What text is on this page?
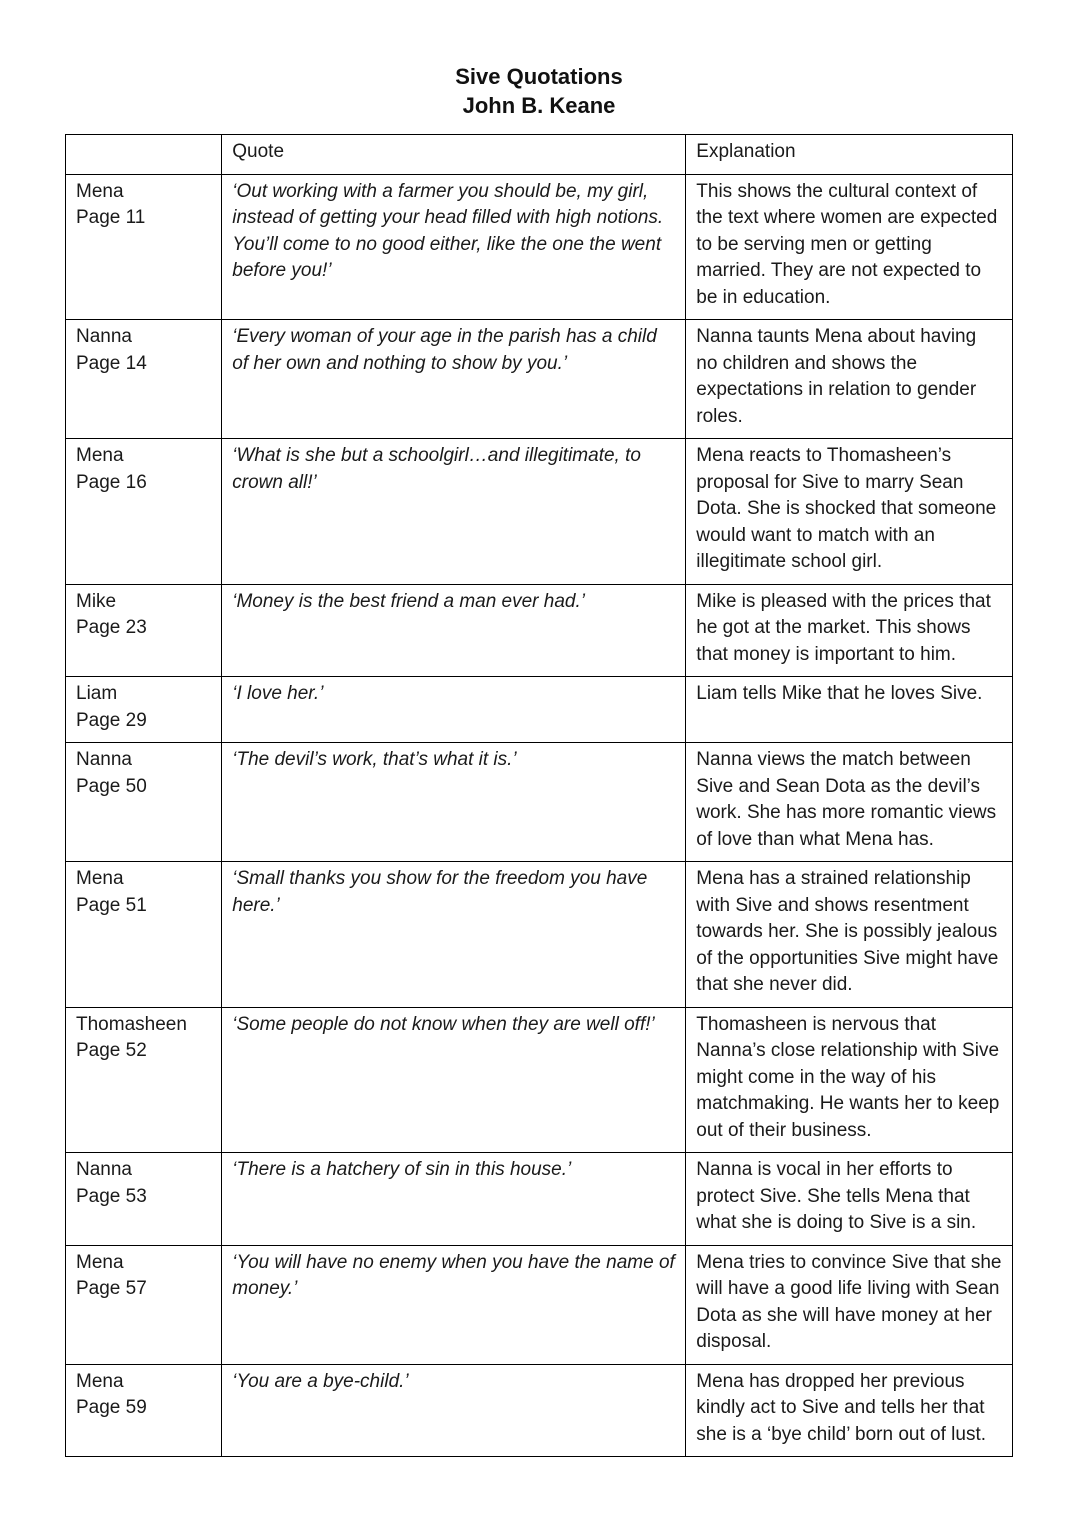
Sive Quotations
John B. Keane
	Quote	Explanation

Mena
Page 11	‘Out working with a farmer you should be, my girl, instead of getting your head filled with high notions. You’ll come to no good either, like the one the went before you!’	This shows the cultural context of the text where women are expected to be serving men or getting married. They are not expected to be in education.

Nanna
Page 14	‘Every woman of your age in the parish has a child of her own and nothing to show by you.’	Nanna taunts Mena about having no children and shows the expectations in relation to gender roles.

Mena
Page 16	‘What is she but a schoolgirl…and illegitimate, to crown all!’	Mena reacts to Thomasheen’s proposal for Sive to marry Sean Dota. She is shocked that someone would want to match with an illegitimate school girl.

Mike
Page 23	‘Money is the best friend a man ever had.’	Mike is pleased with the prices that he got at the market. This shows that money is important to him.

Liam
Page 29	‘I love her.’	Liam tells Mike that he loves Sive.

Nanna
Page 50	‘The devil’s work, that’s what it is.’	Nanna views the match between Sive and Sean Dota as the devil’s work. She has more romantic views of love than what Mena has.

Mena
Page 51	‘Small thanks you show for the freedom you have here.’	Mena has a strained relationship with Sive and shows resentment towards her. She is possibly jealous of the opportunities Sive might have that she never did.

Thomasheen
Page 52	‘Some people do not know when they are well off!’	Thomasheen is nervous that Nanna’s close relationship with Sive might come in the way of his matchmaking. He wants her to keep out of their business.

Nanna
Page 53	‘There is a hatchery of sin in this house.’	Nanna is vocal in her efforts to protect Sive. She tells Mena that what she is doing to Sive is a sin.

Mena
Page 57	‘You will have no enemy when you have the name of money.’	Mena tries to convince Sive that she will have a good life living with Sean Dota as she will have money at her disposal.

Mena
Page 59	‘You are a bye-child.’	Mena has dropped her previous kindly act to Sive and tells her that she is a ‘bye child’ born out of lust.
